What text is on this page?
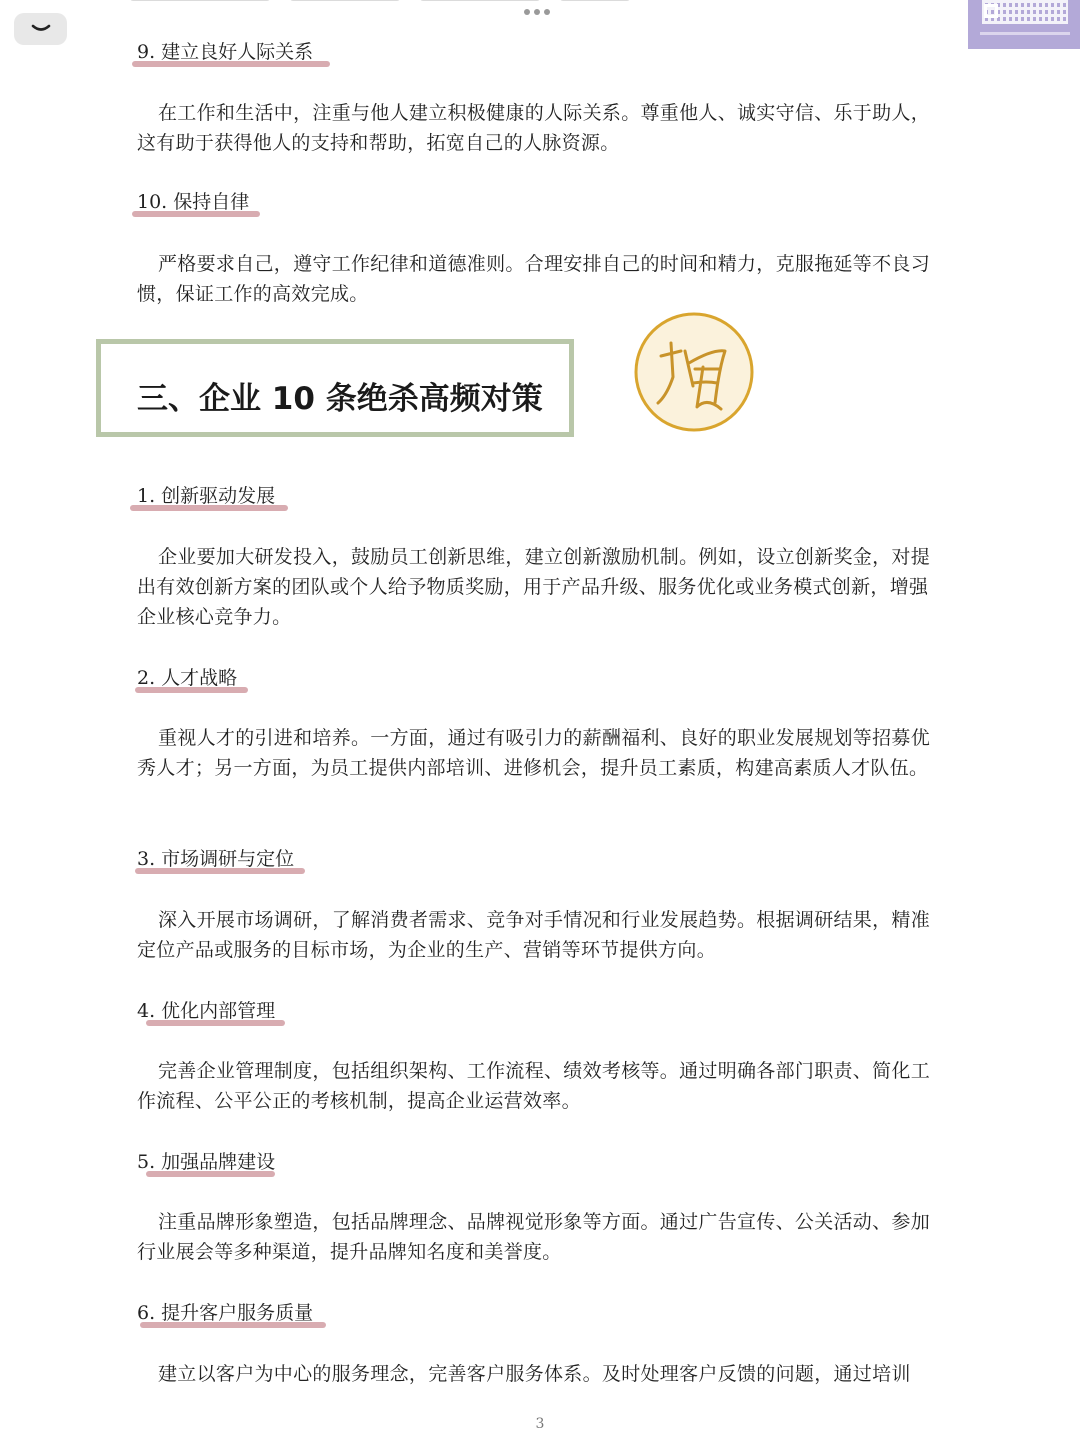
9. 建立良好人际关系

在工作和生活中，注重与他人建立积极健康的人际关系。尊重他人、诚实守信、乐于助人，这有助于获得他人的支持和帮助，拓宽自己的人脉资源。

10. 保持自律

严格要求自己，遵守工作纪律和道德准则。合理安排自己的时间和精力，克服拖延等不良习惯，保证工作的高效完成。

三、企业 10 条绝杀高频对策
1. 创新驱动发展

企业要加大研发投入，鼓励员工创新思维，建立创新激励机制。例如，设立创新奖金，对提出有效创新方案的团队或个人给予物质奖励，用于产品升级、服务优化或业务模式创新，增强企业核心竞争力。

2. 人才战略

重视人才的引进和培养。一方面，通过有吸引力的薪酬福利、良好的职业发展规划等招募优秀人才；另一方面，为员工提供内部培训、进修机会，提升员工素质，构建高素质人才队伍。

3. 市场调研与定位

深入开展市场调研，了解消费者需求、竞争对手情况和行业发展趋势。根据调研结果，精准定位产品或服务的目标市场，为企业的生产、营销等环节提供方向。

4. 优化内部管理

完善企业管理制度，包括组织架构、工作流程、绩效考核等。通过明确各部门职责、简化工作流程、公平公正的考核机制，提高企业运营效率。

5. 加强品牌建设

注重品牌形象塑造，包括品牌理念、品牌视觉形象等方面。通过广告宣传、公关活动、参加行业展会等多种渠道，提升品牌知名度和美誉度。

6. 提升客户服务质量

建立以客户为中心的服务理念，完善客户服务体系。及时处理客户反馈的问题，通过培训

3
